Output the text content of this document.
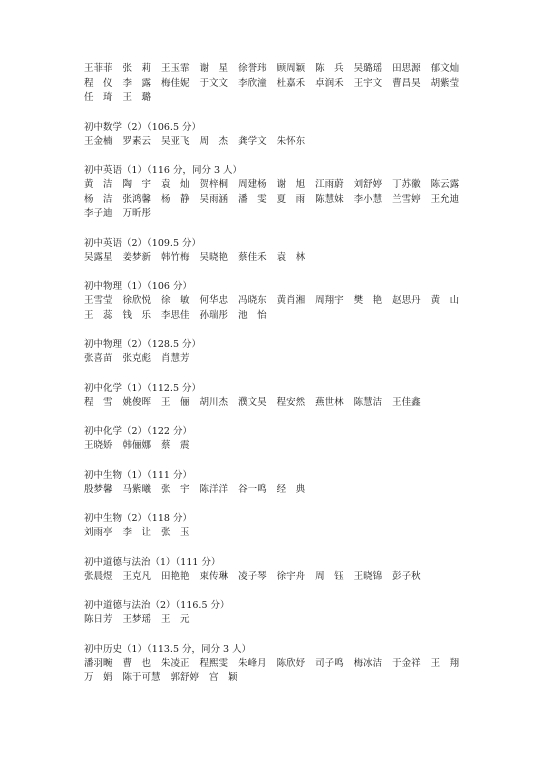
王菲菲 张　莉 王玉霏 谢　星 徐誉玮 顾周颖 陈　兵 吴璐瑶 田思源 郁文灿
程　仪 李　露 梅佳妮 于文文 李欣潼 杜嘉禾 卓润禾 王宇文 曹昌昊 胡紫莹
任　琦 王　璐
初中数学（2）（106.5 分）
王金楠 罗素云 吴亚飞 周　杰 龚学文 朱怀东
初中英语（1）（116 分，同分 3 人）
黄　洁 陶　宇 袁　灿 贺梓桐 周建杨 谢　旭 江雨蔚 刘舒婷 丁苏徽 陈云露
杨　洁 张鸿馨 杨　静 吴雨涵 潘　雯 夏　雨 陈慧妹 李小慧 兰雪婷 王允迪
李子迪 万昕彤
初中英语（2）（109.5 分）
吴露星 姜梦新 韩竹梅 吴晓艳 蔡佳禾 袁　林
初中物理（1）（106 分）
王雪莹 徐欣悦 徐　敏 何华忠 冯晓东 黄肖湘 周翔宇 樊　艳 赵思丹 黄　山
王　蕊 钱　乐 李思佳 孙瑞彤 池　怡
初中物理（2）（128.5 分）
张喜苗 张克彪 肖慧芳
初中化学（1）（112.5 分）
程　雪 姚俊晖 王　俪 胡川杰 濮文昊 程安然 燕世林 陈慧洁 王佳鑫
初中化学（2）（122 分）
王晓娇 韩俪娜 蔡　震
初中生物（1）（111 分）
殷梦馨 马紫曦 张　宇 陈洋洋 谷一鸣 经　典
初中生物（2）（118 分）
刘雨亭 李　让 张　玉
初中道德与法治（1）（111 分）
张晨煜 王克凡 田艳艳 束传琳 凌子琴 徐宇舟 周　钰 王晓锦 彭子秋
初中道德与法治（2）（116.5 分）
陈日芳 王梦瑶 王　元
初中历史（1）（113.5 分，同分 3 人）
潘羽畹 曹　也 朱凌正 程熙雯 朱峰月 陈欣妤 司子鸣 梅冰洁 于金祥 王　翔
万　娟 陈于可慧 郭舒婷 宫　颖
